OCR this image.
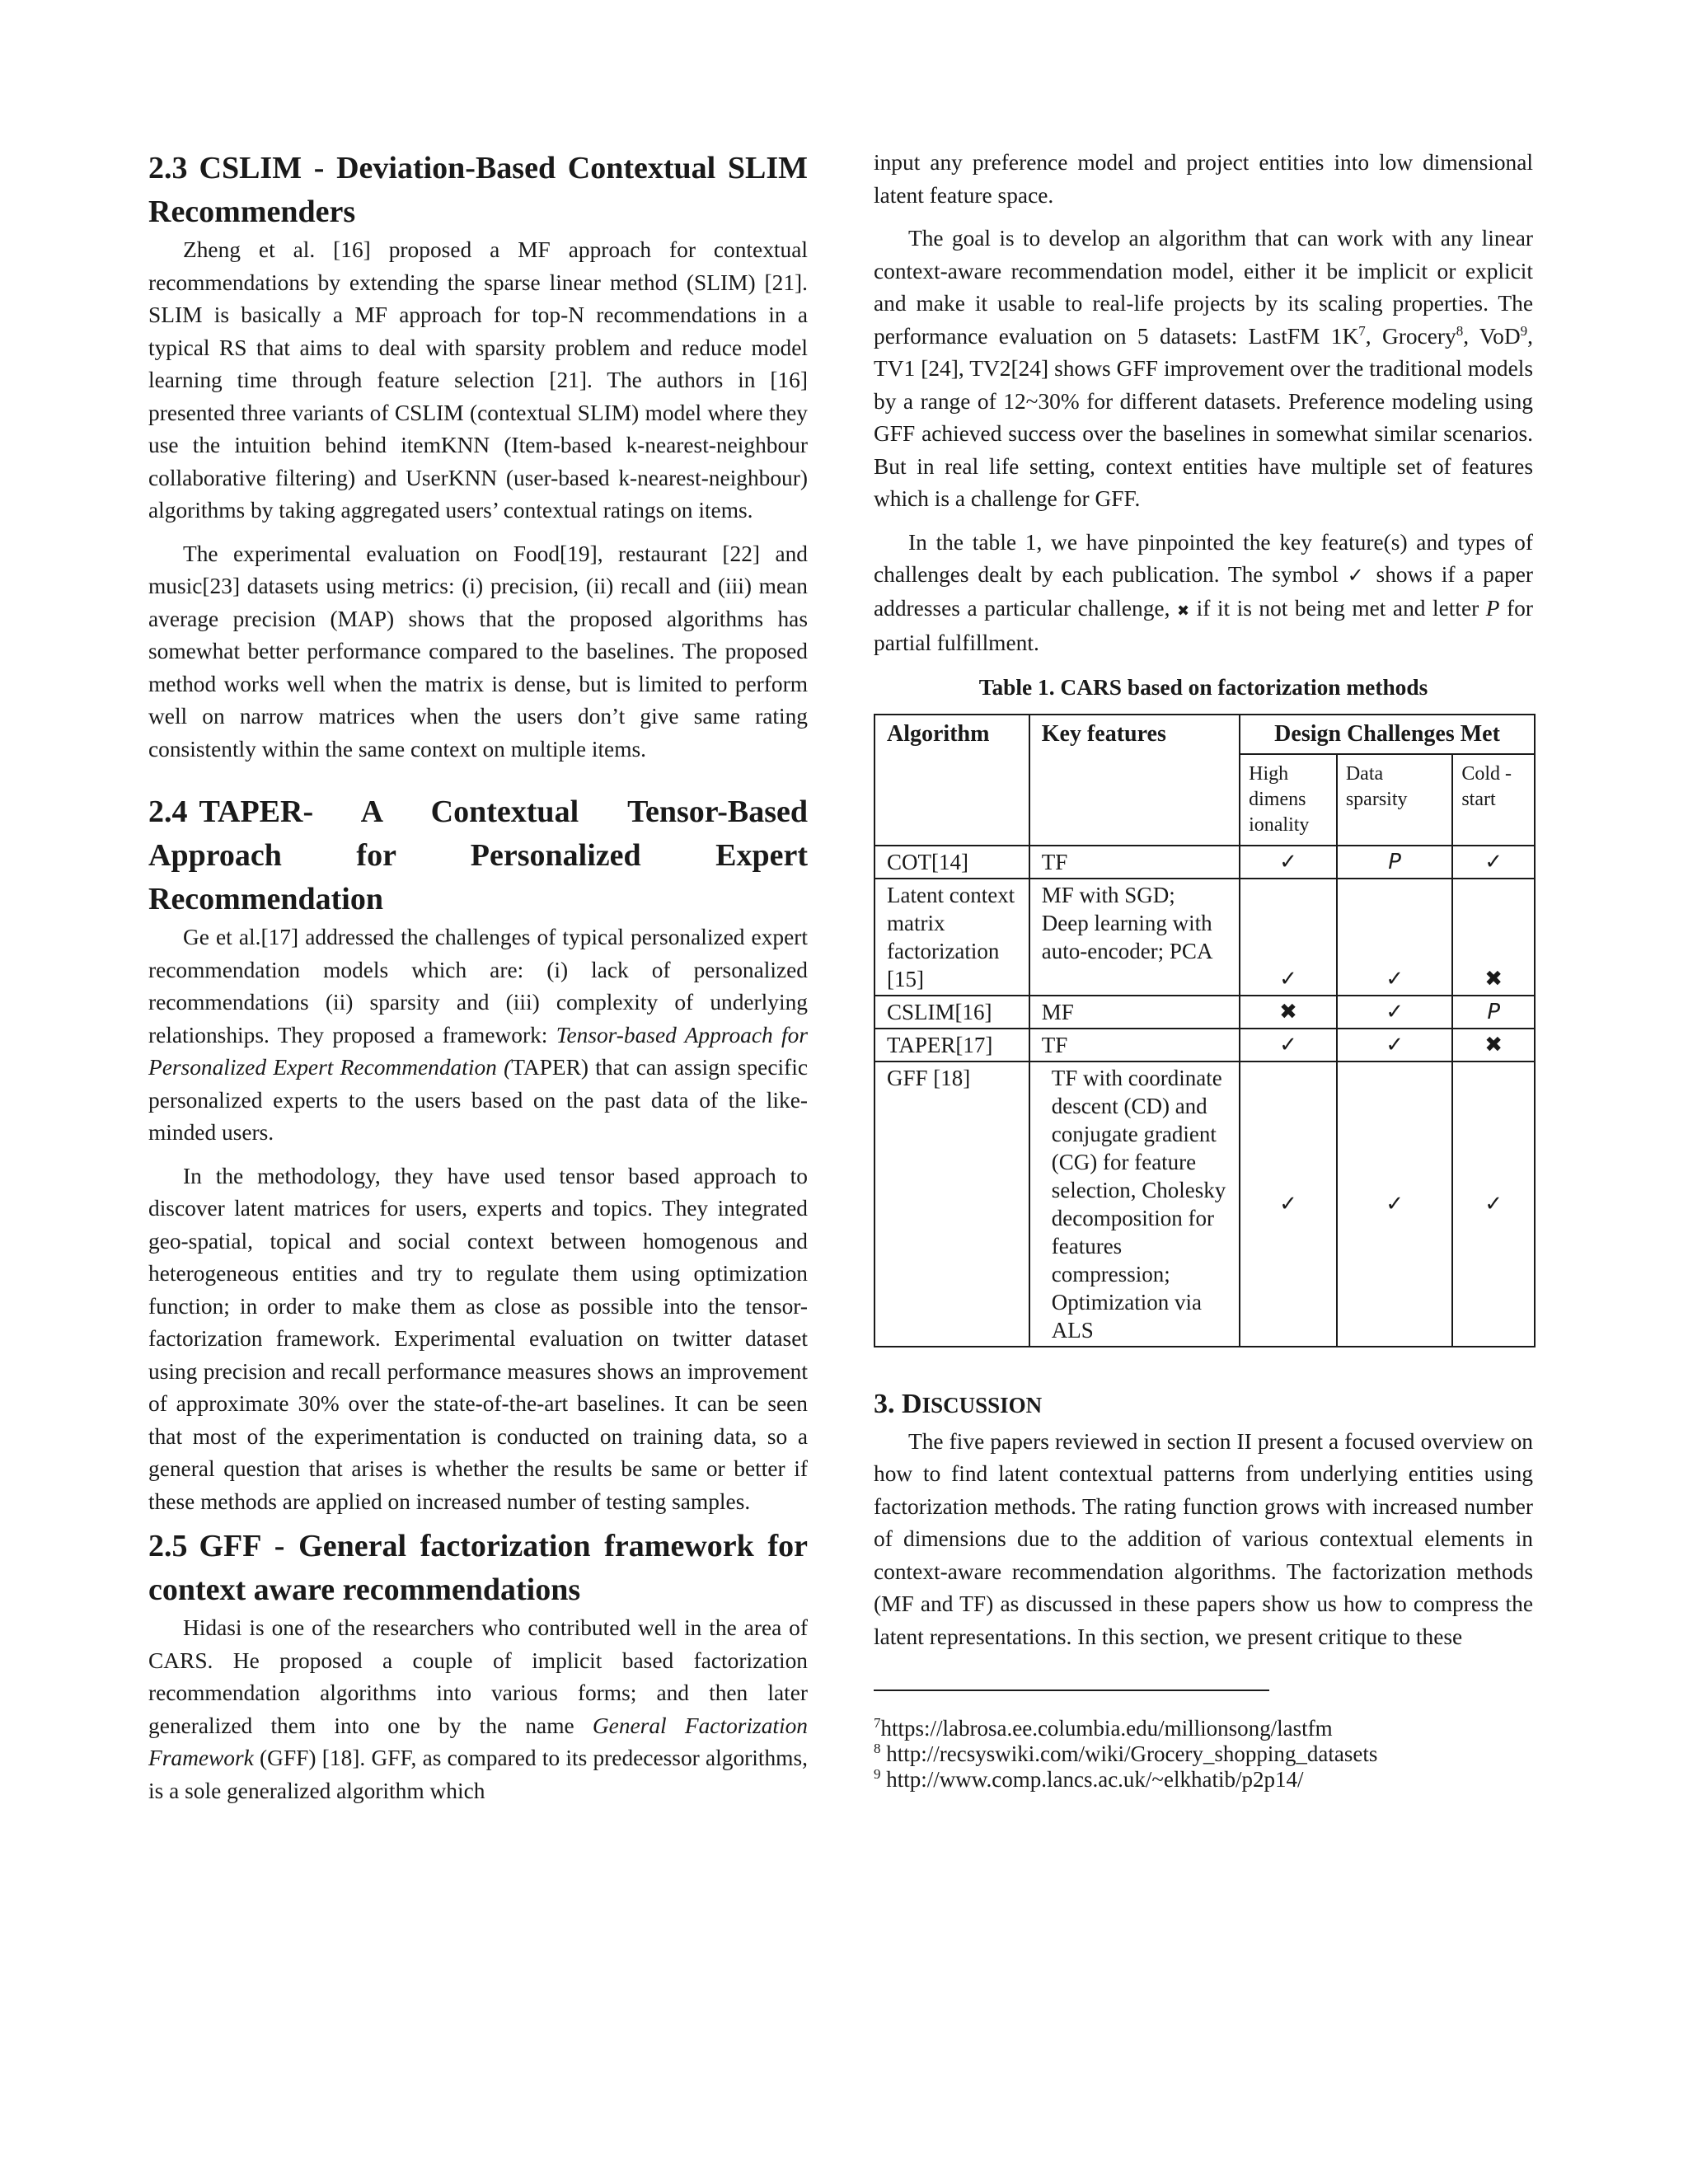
2.3 CSLIM - Deviation-Based Contextual SLIM Recommenders

Zheng et al. [16] proposed a MF approach for contextual recommendations by extending the sparse linear method (SLIM) [21]. SLIM is basically a MF approach for top-N recommendations in a typical RS that aims to deal with sparsity problem and reduce model learning time through feature selection [21]. The authors in [16] presented three variants of CSLIM (contextual SLIM) model where they use the intuition behind itemKNN (Item-based k-nearest-neighbour collaborative filtering) and UserKNN (user-based k-nearest-neighbour) algorithms by taking aggregated users’ contextual ratings on items.

The experimental evaluation on Food[19], restaurant [22] and music[23] datasets using metrics: (i) precision, (ii) recall and (iii) mean average precision (MAP) shows that the proposed algorithms has somewhat better performance compared to the baselines. The proposed method works well when the matrix is dense, but is limited to perform well on narrow matrices when the users don’t give same rating consistently within the same context on multiple items.

2.4 TAPER- A Contextual Tensor-Based Approach for Personalized Expert Recommendation

Ge et al.[17] addressed the challenges of typical personalized expert recommendation models which are: (i) lack of personalized recommendations (ii) sparsity and (iii) complexity of underlying relationships. They proposed a framework: Tensor-based Approach for Personalized Expert Recommendation (TAPER) that can assign specific personalized experts to the users based on the past data of the like-minded users.

In the methodology, they have used tensor based approach to discover latent matrices for users, experts and topics. They integrated geo-spatial, topical and social context between homogenous and heterogeneous entities and try to regulate them using optimization function; in order to make them as close as possible into the tensor-factorization framework. Experimental evaluation on twitter dataset using precision and recall performance measures shows an improvement of approximate 30% over the state-of-the-art baselines. It can be seen that most of the experimentation is conducted on training data, so a general question that arises is whether the results be same or better if these methods are applied on increased number of testing samples.

2.5 GFF - General factorization framework for context aware recommendations

Hidasi is one of the researchers who contributed well in the area of CARS. He proposed a couple of implicit based factorization recommendation algorithms into various forms; and then later generalized them into one by the name General Factorization Framework (GFF) [18]. GFF, as compared to its predecessor algorithms, is a sole generalized algorithm which

input any preference model and project entities into low dimensional latent feature space.

The goal is to develop an algorithm that can work with any linear context-aware recommendation model, either it be implicit or explicit and make it usable to real-life projects by its scaling properties. The performance evaluation on 5 datasets: LastFM $1K^7$, Grocery$^8$, VoD$^9$, TV1 [24], TV2[24] shows GFF improvement over the traditional models by a range of 12~30% for different datasets. Preference modeling using GFF achieved success over the baselines in somewhat similar scenarios. But in real life setting, context entities have multiple set of features which is a challenge for GFF.

In the table 1, we have pinpointed the key feature(s) and types of challenges dealt by each publication. The symbol ✓ shows if a paper addresses a particular challenge, ✖ if it is not being met and letter P for partial fulfillment.

Table 1. CARS based on factorization methods
Algorithm	Key features	Design Challenges Met		
		High dimens ionality	Data sparsity	Cold -start
COT[14]	TF	✓	P	✓
Latent context matrix factorization [15]	MF with SGD; Deep learning with auto-encoder; PCA	✓	✓	✖
CSLIM[16]	MF	✖	✓	P
TAPER[17]	TF	✓	✓	✖
GFF [18]	TF with coordinate descent (CD) and conjugate gradient (CG) for feature selection, Cholesky decomposition for features compression; Optimization via ALS	✓	✓	✓
3. DISCUSSION

The five papers reviewed in section II present a focused overview on how to find latent contextual patterns from underlying entities using factorization methods. The rating function grows with increased number of dimensions due to the addition of various contextual elements in context-aware recommendation algorithms. The factorization methods (MF and TF) as discussed in these papers show us how to compress the latent representations. In this section, we present critique to these

$^7$https://labrosa.ee.columbia.edu/millionsong/lastfm

$^8$ http://recsyswiki.com/wiki/Grocery_shopping_datasets

$^9$ http://www.comp.lancs.ac.uk/~elkhatib/p2p14/
